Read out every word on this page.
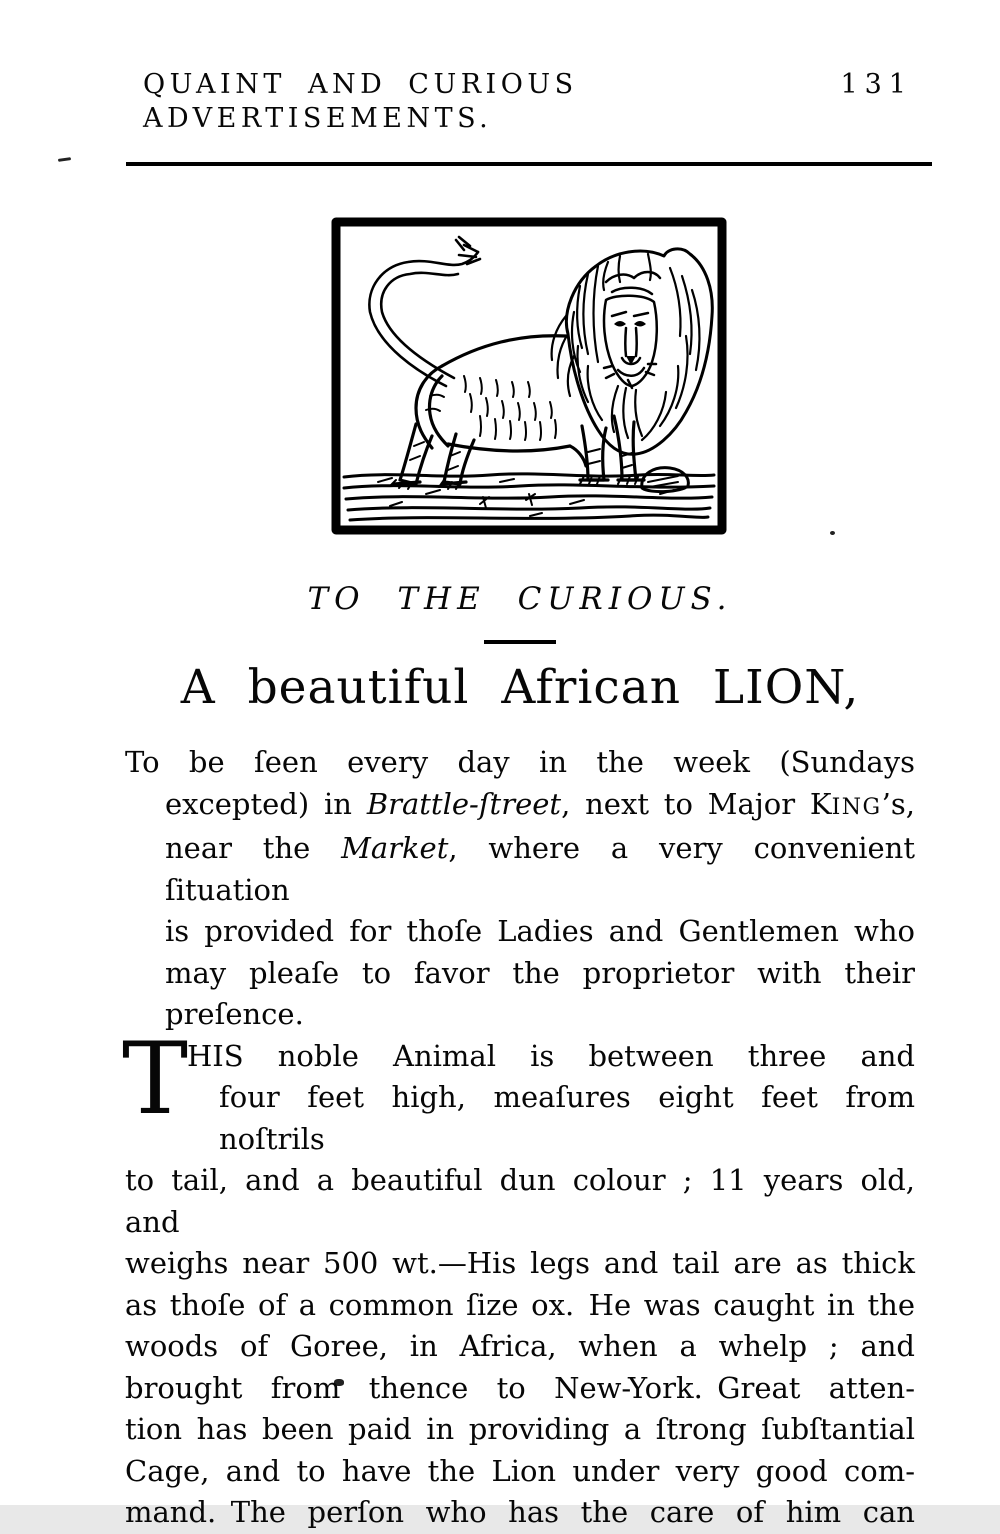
QUAINT AND CURIOUS ADVERTISEMENTS.
131
TO THE CURIOUS.
A beautiful African LION,
To be ſeen every day in the week (Sundays
excepted) in Brattle-ſtreet, next to Major KING’s,
near the Market, where a very convenient ſituation
is provided for thoſe Ladies and Gentlemen who
may pleaſe to favor the proprietor with their
preſence.
T
HIS noble Animal is between three and
four feet high, meaſures eight feet from noſtrils
to tail, and a beautiful dun colour ; 11 years old, and
weighs near 500 wt.—His legs and tail are as thick
as thoſe of a common ſize ox. He was caught in the
woods of Goree, in Africa, when a whelp ; and
brought from thence to New-York. Great atten-
tion has been paid in providing a ſtrong ſubſtantial
Cage, and to have the Lion under very good com-
mand. The perſon who has the care of him can
